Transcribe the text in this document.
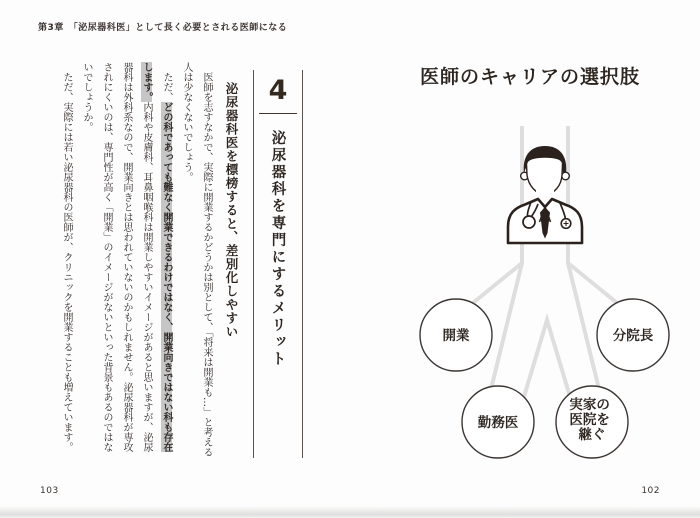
第3章　「泌尿器科医」として長く必要とされる医師になる
4
泌尿器科を専門にするメリット

泌尿器科医を標榜すると、差別化しやすい

医師を志すなかで、実際に開業するかどうかは別として、「将来は開業も…」と考える人は少なくないでしょう。

ただ、どの科であっても難なく開業できるわけではなく、開業向きではない科も存在します。内科や皮膚科、耳鼻咽喉科は開業しやすいイメージがあると思いますが、泌尿器科は外科系なので、開業向きとは思われていないのかもしれません。泌尿器科が専攻されにくいのは、専門性が高く「開業」のイメージがないといった背景もあるのではないでしょうか。

ただ、実際には若い泌尿器科の医師が、クリニックを開業することも増えています。

103
医師のキャリアの選択肢
開業	分院長
勤務医
実家の 医院を 継ぐ
102
